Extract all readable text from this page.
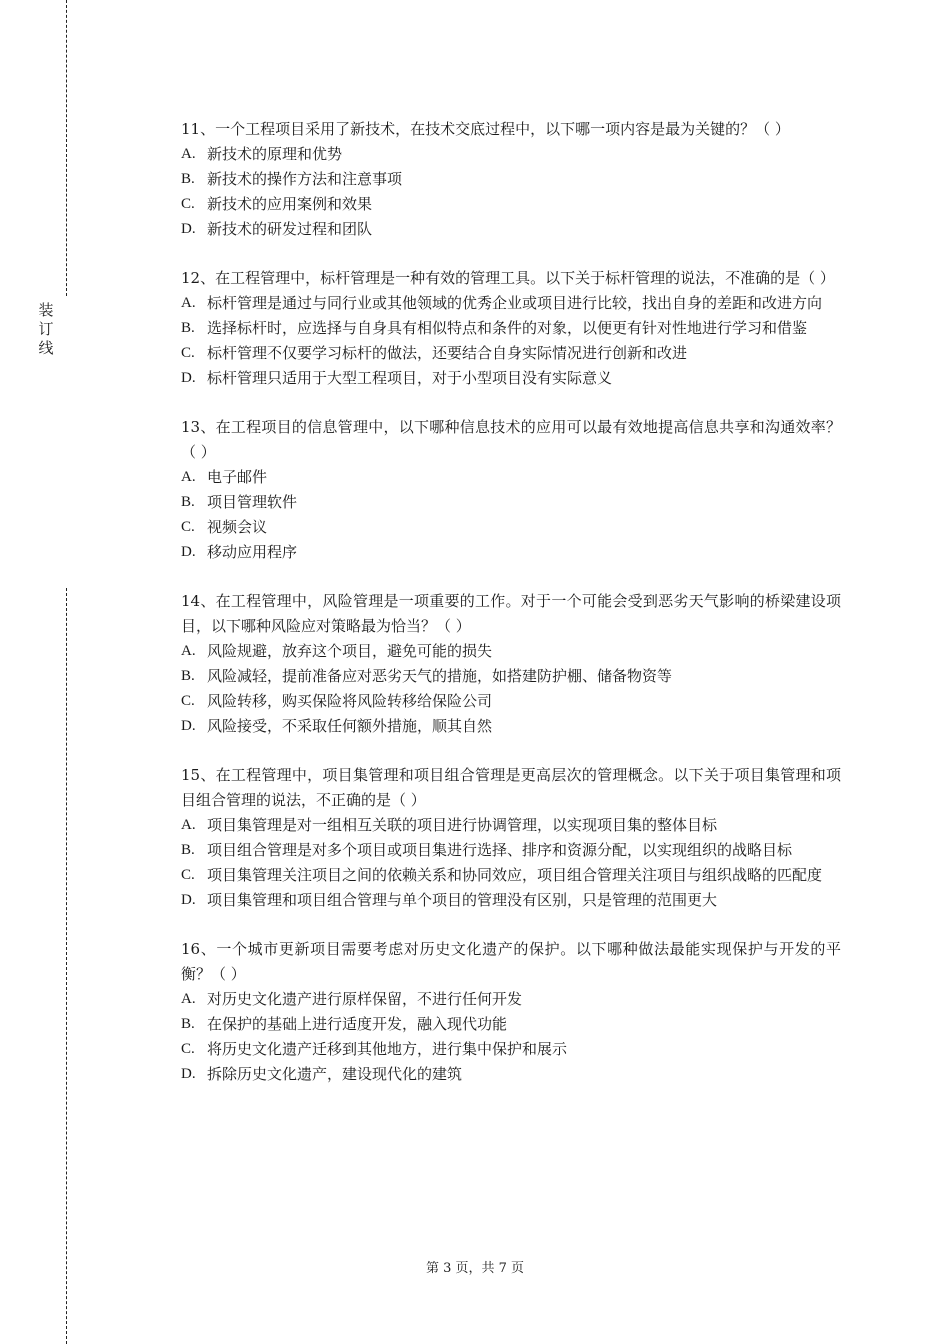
装
订
线

11、一个工程项目采用了新技术，在技术交底过程中，以下哪一项内容是最为关键的？（ ）

A. 新技术的原理和优势
B. 新技术的操作方法和注意事项
C. 新技术的应用案例和效果
D. 新技术的研发过程和团队

12、在工程管理中，标杆管理是一种有效的管理工具。以下关于标杆管理的说法，不准确的是（ ）

A. 标杆管理是通过与同行业或其他领域的优秀企业或项目进行比较，找出自身的差距和改进方向
B. 选择标杆时，应选择与自身具有相似特点和条件的对象，以便更有针对性地进行学习和借鉴
C. 标杆管理不仅要学习标杆的做法，还要结合自身实际情况进行创新和改进
D. 标杆管理只适用于大型工程项目，对于小型项目没有实际意义

13、在工程项目的信息管理中，以下哪种信息技术的应用可以最有效地提高信息共享和沟通效率？（ ）

A. 电子邮件
B. 项目管理软件
C. 视频会议
D. 移动应用程序

14、在工程管理中，风险管理是一项重要的工作。对于一个可能会受到恶劣天气影响的桥梁建设项目，以下哪种风险应对策略最为恰当？（ ）

A. 风险规避，放弃这个项目，避免可能的损失
B. 风险减轻，提前准备应对恶劣天气的措施，如搭建防护棚、储备物资等
C. 风险转移，购买保险将风险转移给保险公司
D. 风险接受，不采取任何额外措施，顺其自然

15、在工程管理中，项目集管理和项目组合管理是更高层次的管理概念。以下关于项目集管理和项目组合管理的说法，不正确的是（ ）

A. 项目集管理是对一组相互关联的项目进行协调管理，以实现项目集的整体目标
B. 项目组合管理是对多个项目或项目集进行选择、排序和资源分配，以实现组织的战略目标
C. 项目集管理关注项目之间的依赖关系和协同效应，项目组合管理关注项目与组织战略的匹配度
D. 项目集管理和项目组合管理与单个项目的管理没有区别，只是管理的范围更大

16、一个城市更新项目需要考虑对历史文化遗产的保护。以下哪种做法最能实现保护与开发的平衡？（ ）

A. 对历史文化遗产进行原样保留，不进行任何开发
B. 在保护的基础上进行适度开发，融入现代功能
C. 将历史文化遗产迁移到其他地方，进行集中保护和展示
D. 拆除历史文化遗产，建设现代化的建筑
第 3 页，共 7 页
